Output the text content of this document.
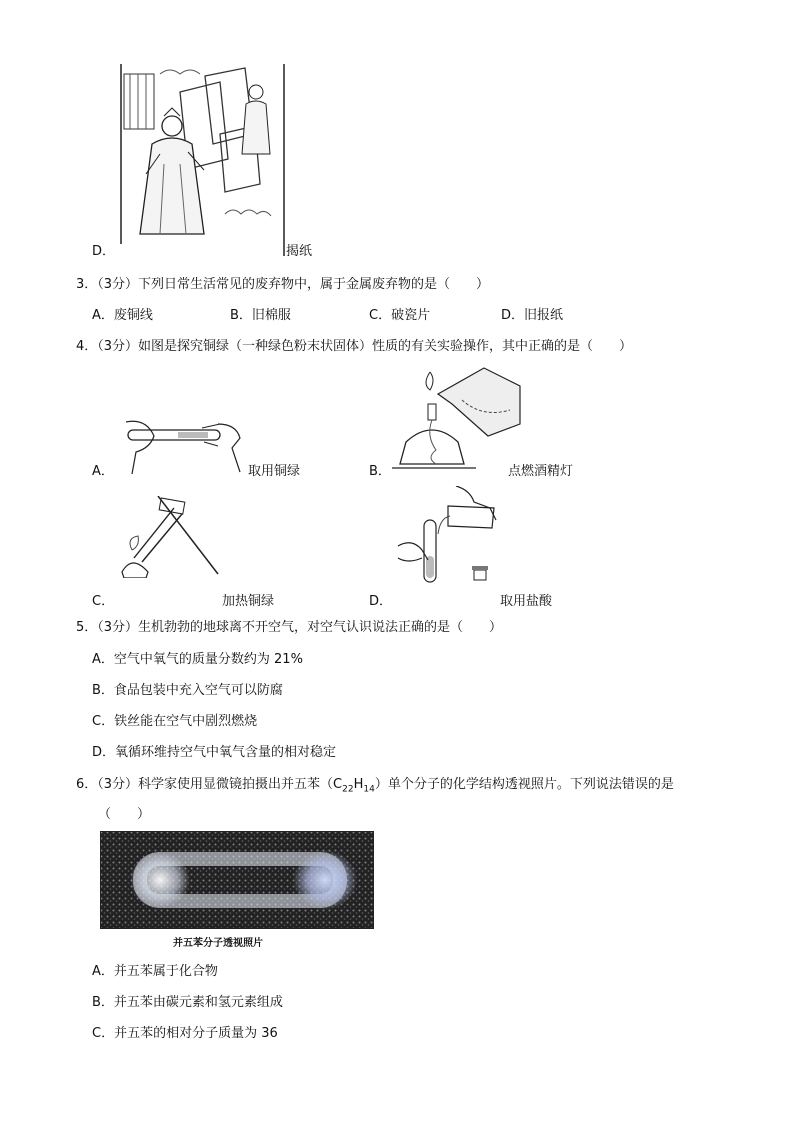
D．	揭纸
3．（3分）下列日常生活常见的废弃物中，属于金属废弃物的是（　　）
A．废铜线	B．旧棉服	C．破瓷片	D．旧报纸
4．（3分）如图是探究铜绿（一种绿色粉末状固体）性质的有关实验操作，其中正确的是（　　）
A．	取用铜绿	B．	点燃酒精灯
C．	加热铜绿	D．	取用盐酸
5．（3分）生机勃勃的地球离不开空气，对空气认识说法正确的是（　　）
A．空气中氧气的质量分数约为 21%
B．食品包装中充入空气可以防腐
C．铁丝能在空气中剧烈燃烧
D．氧循环维持空气中氧气含量的相对稳定
6．（3分）科学家使用显微镜拍摄出并五苯$(C_{22}H_{14})$单个分子的化学结构透视照片。下列说法错误的是
（　　）
并五苯分子透视照片
A．并五苯属于化合物
B．并五苯由碳元素和氢元素组成
C．并五苯的相对分子质量为 36
